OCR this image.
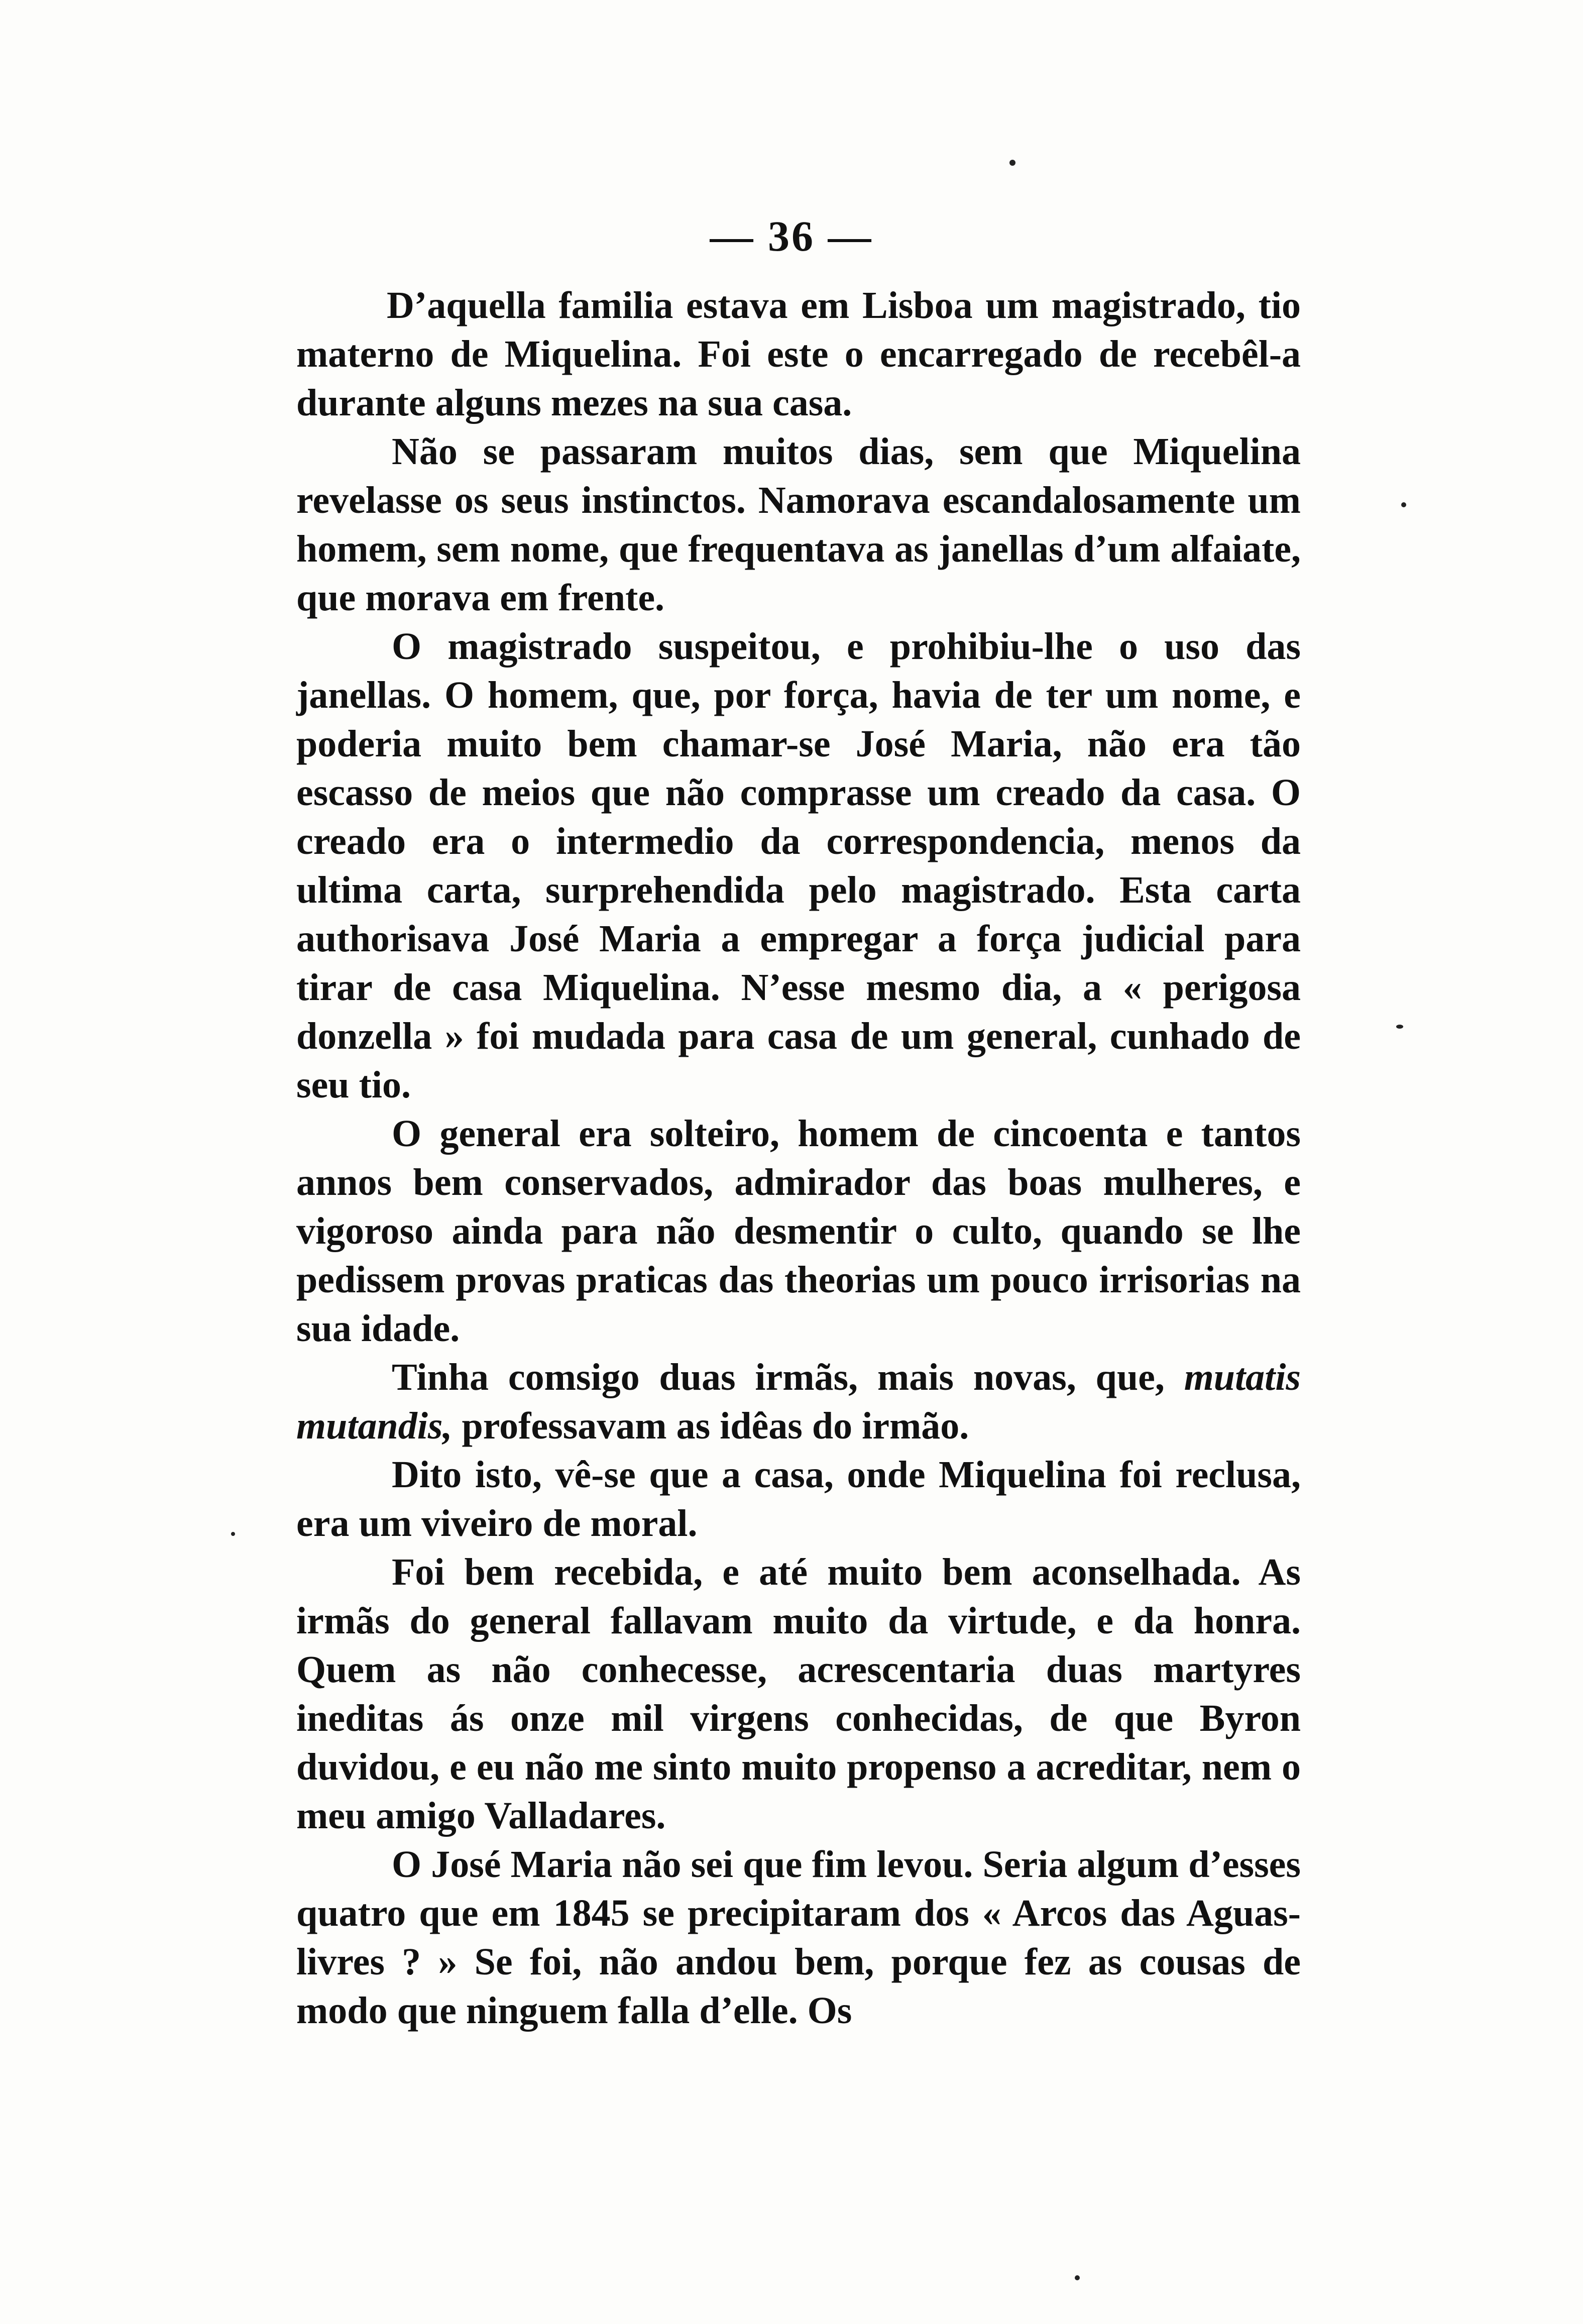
— 36 —

D’aquella familia estava em Lisboa um magistrado, tio materno de Miquelina. Foi este o encarregado de recebêl-a durante alguns mezes na sua casa.

Não se passaram muitos dias, sem que Miquelina revelasse os seus instinctos. Namorava escandalosamente um homem, sem nome, que frequentava as janellas d’um alfaiate, que morava em frente.

O magistrado suspeitou, e prohibiu-lhe o uso das janellas. O homem, que, por força, havia de ter um nome, e poderia muito bem chamar-se José Maria, não era tão escasso de meios que não comprasse um creado da casa. O creado era o intermedio da correspondencia, menos da ultima carta, surprehendida pelo magistrado. Esta carta authorisava José Maria a empregar a força judicial para tirar de casa Miquelina. N’esse mesmo dia, a « perigosa donzella » foi mudada para casa de um general, cunhado de seu tio.

O general era solteiro, homem de cincoenta e tantos annos bem conservados, admirador das boas mulheres, e vigoroso ainda para não desmentir o culto, quando se lhe pedissem provas praticas das theorias um pouco irrisorias na sua idade.

Tinha comsigo duas irmãs, mais novas, que, mutatis mutandis, professavam as idêas do irmão.

Dito isto, vê-se que a casa, onde Miquelina foi reclusa, era um viveiro de moral.

Foi bem recebida, e até muito bem aconselhada. As irmãs do general fallavam muito da virtude, e da honra. Quem as não conhecesse, acrescentaria duas martyres ineditas ás onze mil virgens conhecidas, de que Byron duvidou, e eu não me sinto muito propenso a acreditar, nem o meu amigo Valladares.

O José Maria não sei que fim levou. Seria algum d’esses quatro que em 1845 se precipitaram dos « Arcos das Aguas-livres ? » Se foi, não andou bem, porque fez as cousas de modo que ninguem falla d’elle. Os
